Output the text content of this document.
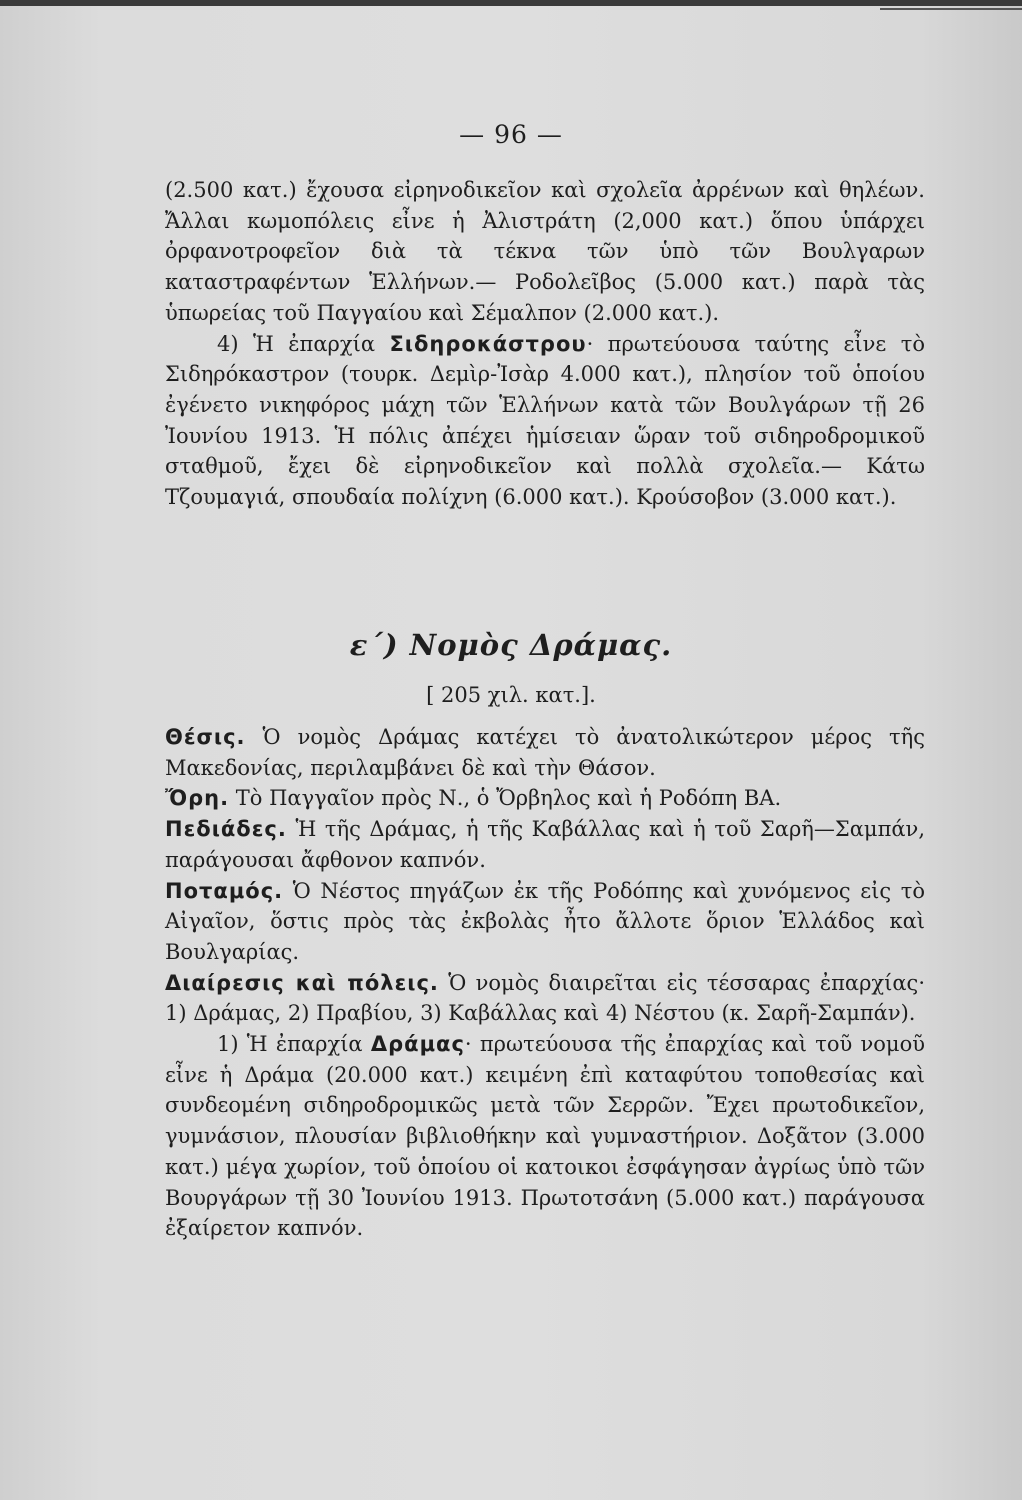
— 96 —

(2.500 κατ.) ἔχουσα εἰρηνοδικεῖον καὶ σχολεῖα ἀρρένων καὶ θηλέων. Ἄλλαι κωμοπόλεις εἶνε ἡ Ἀλιστράτη (2,000 κατ.) ὅπου ὑπάρχει ὀρφανοτροφεῖον διὰ τὰ τέκνα τῶν ὑπὸ τῶν Βουλγαρων καταστραφέντων Ἑλλήνων.— Ροδολεῖβος (5.000 κατ.) παρὰ τὰς ὑπωρείας τοῦ Παγγαίου καὶ Σέμαλπον (2.000 κατ.).

4) Ἡ ἐπαρχία Σιδηροκάστρου· πρωτεύουσα ταύτης εἶνε τὸ Σιδηρόκαστρον (τουρκ. Δεμὶρ-Ἰσὰρ 4.000 κατ.), πλησίον τοῦ ὁποίου ἐγένετο νικηφόρος μάχη τῶν Ἑλλήνων κατὰ τῶν Βουλγάρων τῇ 26 Ἰουνίου 1913. Ἡ πόλις ἀπέχει ἡμίσειαν ὥραν τοῦ σιδηροδρομικοῦ σταθμοῦ, ἔχει δὲ εἰρηνοδικεῖον καὶ πολλὰ σχολεῖα.— Κάτω Τζουμαγιά, σπουδαία πολίχνη (6.000 κατ.). Κρούσοβον (3.000 κατ.).

ε΄) Νομὸς Δράμας.
[ 205 χιλ. κατ.].

Θέσις. Ὁ νομὸς Δράμας κατέχει τὸ ἀνατολικώτερον μέρος τῆς Μακεδονίας, περιλαμβάνει δὲ καὶ τὴν Θάσον.

Ὄρη. Τὸ Παγγαῖον πρὸς Ν., ὁ Ὄρβηλος καὶ ἡ Ροδόπη ΒΑ.

Πεδιάδες. Ἡ τῆς Δράμας, ἡ τῆς Καβάλλας καὶ ἡ τοῦ Σαρῆ—Σαμπάν, παράγουσαι ἄφθονον καπνόν.

Ποταμός. Ὁ Νέστος πηγάζων ἐκ τῆς Ροδόπης καὶ χυνόμενος εἰς τὸ Αἰγαῖον, ὅστις πρὸς τὰς ἐκβολὰς ἦτο ἄλλοτε ὅριον Ἑλλάδος καὶ Βουλγαρίας.

Διαίρεσις καὶ πόλεις. Ὁ νομὸς διαιρεῖται εἰς τέσσαρας ἐπαρχίας· 1) Δράμας, 2) Πραβίου, 3) Καβάλλας καὶ 4) Νέστου (κ. Σαρῆ-Σαμπάν).

1) Ἡ ἐπαρχία Δράμας· πρωτεύουσα τῆς ἐπαρχίας καὶ τοῦ νομοῦ εἶνε ἡ Δράμα (20.000 κατ.) κειμένη ἐπὶ καταφύτου τοποθεσίας καὶ συνδεομένη σιδηροδρομικῶς μετὰ τῶν Σερρῶν. Ἔχει πρωτοδικεῖον, γυμνάσιον, πλουσίαν βιβλιοθήκην καὶ γυμναστήριον. Δοξᾶτον (3.000 κατ.) μέγα χωρίον, τοῦ ὁποίου οἱ κατοικοι ἐσφάγησαν ἀγρίως ὑπὸ τῶν Βουργάρων τῇ 30 Ἰουνίου 1913. Πρωτοτσάνη (5.000 κατ.) παράγουσα ἐξαίρετον καπνόν.
